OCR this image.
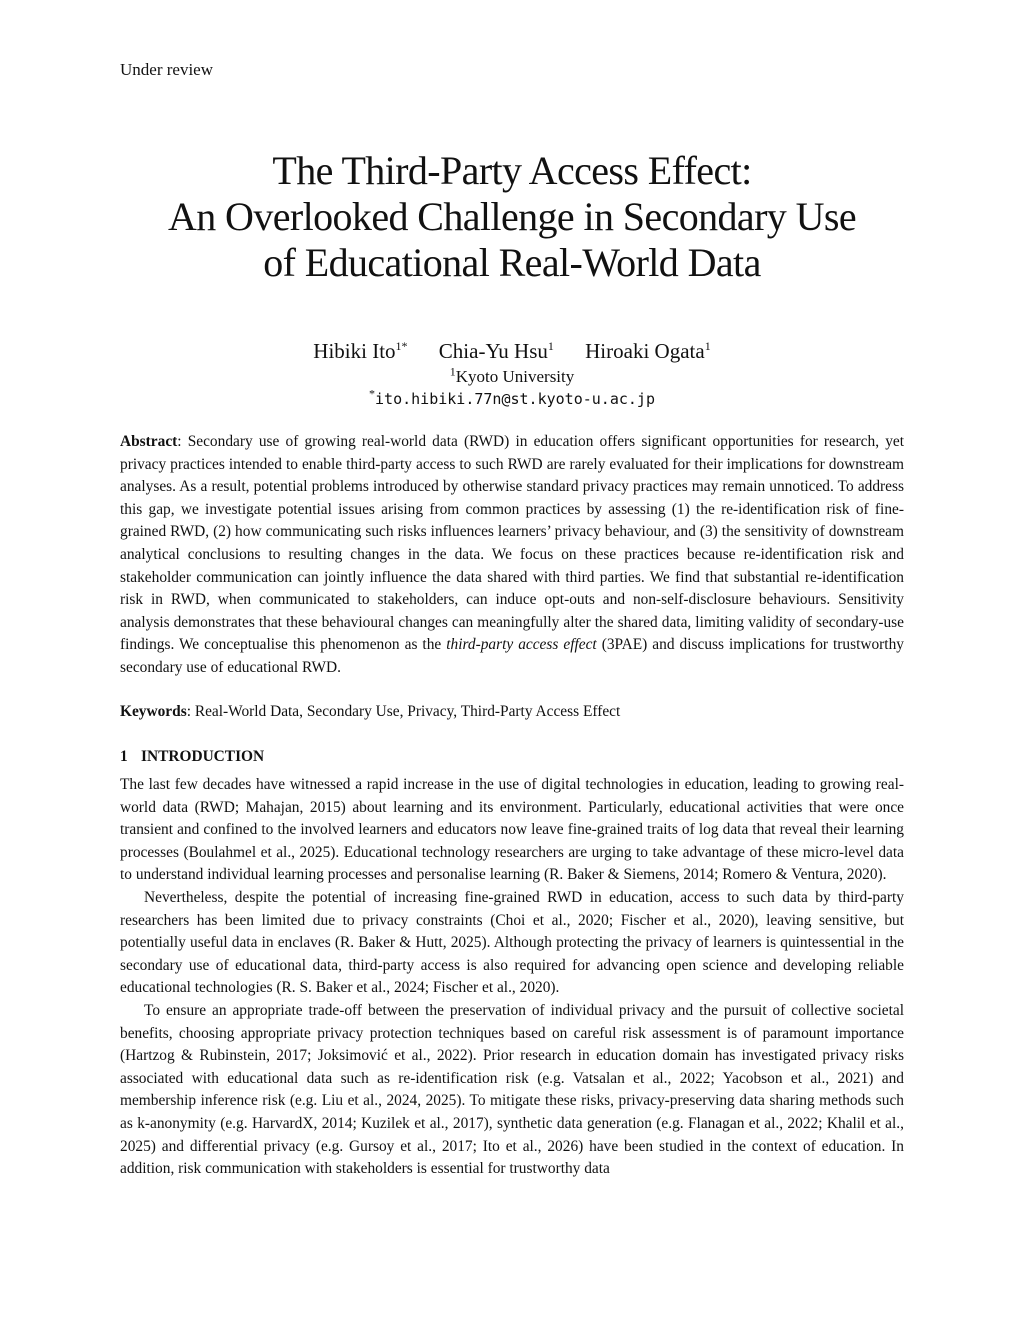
Under review
The Third-Party Access Effect:
An Overlooked Challenge in Secondary Use
of Educational Real-World Data
Hibiki Ito$^{1*}$ Chia-Yu Hsu$^1$ Hiroaki Ogata$^1$
$^1$Kyoto University
*ito.hibiki.77n@st.kyoto-u.ac.jp
Abstract: Secondary use of growing real-world data (RWD) in education offers significant opportunities for research, yet privacy practices intended to enable third-party access to such RWD are rarely evaluated for their implications for downstream analyses. As a result, potential problems introduced by otherwise standard privacy practices may remain unnoticed. To address this gap, we investigate potential issues arising from common practices by assessing (1) the re-identification risk of fine-grained RWD, (2) how communicating such risks influences learners’ privacy behaviour, and (3) the sensitivity of downstream analytical conclusions to resulting changes in the data. We focus on these practices because re-identification risk and stakeholder communication can jointly influence the data shared with third parties. We find that substantial re-identification risk in RWD, when communicated to stakeholders, can induce opt-outs and non-self-disclosure behaviours. Sensitivity analysis demonstrates that these behavioural changes can meaningfully alter the shared data, limiting validity of secondary-use findings. We conceptualise this phenomenon as the third-party access effect (3PAE) and discuss implications for trustworthy secondary use of educational RWD.
Keywords: Real-World Data, Secondary Use, Privacy, Third-Party Access Effect
1 INTRODUCTION

The last few decades have witnessed a rapid increase in the use of digital technologies in education, leading to growing real-world data (RWD; Mahajan, 2015) about learning and its environment. Particularly, educational activities that were once transient and confined to the involved learners and educators now leave fine-grained traits of log data that reveal their learning processes (Boulahmel et al., 2025). Educational technology researchers are urging to take advantage of these micro-level data to understand individual learning processes and personalise learning (R. Baker & Siemens, 2014; Romero & Ventura, 2020).

Nevertheless, despite the potential of increasing fine-grained RWD in education, access to such data by third-party researchers has been limited due to privacy constraints (Choi et al., 2020; Fischer et al., 2020), leaving sensitive, but potentially useful data in enclaves (R. Baker & Hutt, 2025). Although protecting the privacy of learners is quintessential in the secondary use of educational data, third-party access is also required for advancing open science and developing reliable educational technologies (R. S. Baker et al., 2024; Fischer et al., 2020).

To ensure an appropriate trade-off between the preservation of individual privacy and the pursuit of collective societal benefits, choosing appropriate privacy protection techniques based on careful risk assessment is of paramount importance (Hartzog & Rubinstein, 2017; Joksimović et al., 2022). Prior research in education domain has investigated privacy risks associated with educational data such as re-identification risk (e.g. Vatsalan et al., 2022; Yacobson et al., 2021) and membership inference risk (e.g. Liu et al., 2024, 2025). To mitigate these risks, privacy-preserving data sharing methods such as k-anonymity (e.g. HarvardX, 2014; Kuzilek et al., 2017), synthetic data generation (e.g. Flanagan et al., 2022; Khalil et al., 2025) and differential privacy (e.g. Gursoy et al., 2017; Ito et al., 2026) have been studied in the context of education. In addition, risk communication with stakeholders is essential for trustworthy data
